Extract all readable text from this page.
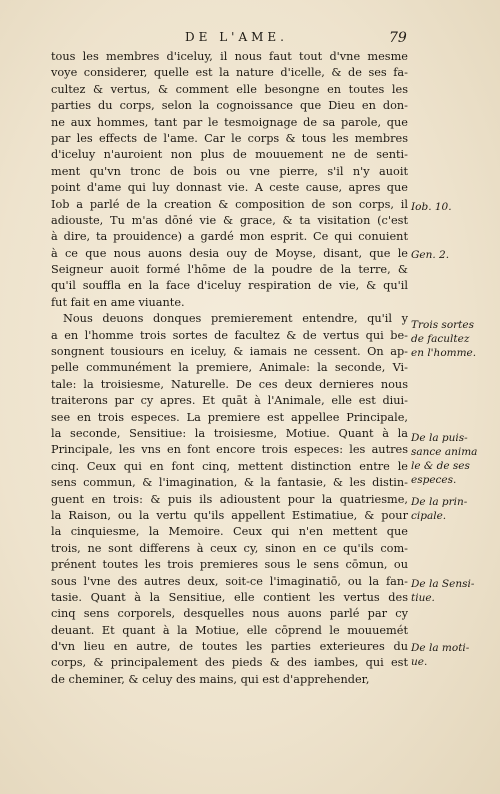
DE L'AME.	79
tous les membres d'iceluy, il nous faut tout d'vne mesme
voye considerer, quelle est la nature d'icelle, & de ses fa-
cultez & vertus, & comment elle besongne en toutes les
parties du corps, selon la cognoissance que Dieu en don-
ne aux hommes, tant par le tesmoignage de sa parole, que
par les effects de l'ame. Car le corps & tous les membres
d'iceluy n'auroient non plus de mouuement ne de senti-
ment qu'vn tronc de bois ou vne pierre, s'il n'y auoit
point d'ame qui luy donnast vie. A ceste cause, apres que
Iob a parlé de la creation & composition de son corps, il
adiouste, Tu m'as dōné vie & grace, & ta visitation (c'est
à dire, ta prouidence) a gardé mon esprit. Ce qui conuient
à ce que nous auons desia ouy de Moyse, disant, que le
Seigneur auoit formé l'hōme de la poudre de la terre, &
qu'il souffla en la face d'iceluy respiration de vie, & qu'il
fut fait en ame viuante.
Nous deuons donques premierement entendre, qu'il y
a en l'homme trois sortes de facultez & de vertus qui be-
songnent tousiours en iceluy, & iamais ne cessent. On ap-
pelle communément la premiere, Animale: la seconde, Vi-
tale: la troisiesme, Naturelle. De ces deux dernieres nous
traiterons par cy apres. Et quāt à l'Animale, elle est diui-
see en trois especes. La premiere est appellee Principale,
la seconde, Sensitiue: la troisiesme, Motiue. Quant à la
Principale, les vns en font encore trois especes: les autres
cinq. Ceux qui en font cinq, mettent distinction entre le
sens commun, & l'imagination, & la fantasie, & les distin-
guent en trois: & puis ils adioustent pour la quatriesme,
la Raison, ou la vertu qu'ils appellent Estimatiue, & pour
la cinquiesme, la Memoire. Ceux qui n'en mettent que
trois, ne sont differens à ceux cy, sinon en ce qu'ils com-
prénent toutes les trois premieres sous le sens cōmun, ou
sous l'vne des autres deux, soit-ce l'imaginatiō, ou la fan-
tasie. Quant à la Sensitiue, elle contient les vertus des
cinq sens corporels, desquelles nous auons parlé par cy
deuant. Et quant à la Motiue, elle cōprend le mouuemét
d'vn lieu en autre, de toutes les parties exterieures du
corps, & principalement des pieds & des iambes, qui est
de cheminer, & celuy des mains, qui est d'apprehender,
Iob. 10.
Gen. 2.
Trois sortes
de facultez
en l'homme.
De la puis-
sance anima
le & de ses
especes.
De la prin-
cipale.
De la Sensi-
tiue.
De la moti-
ue.
